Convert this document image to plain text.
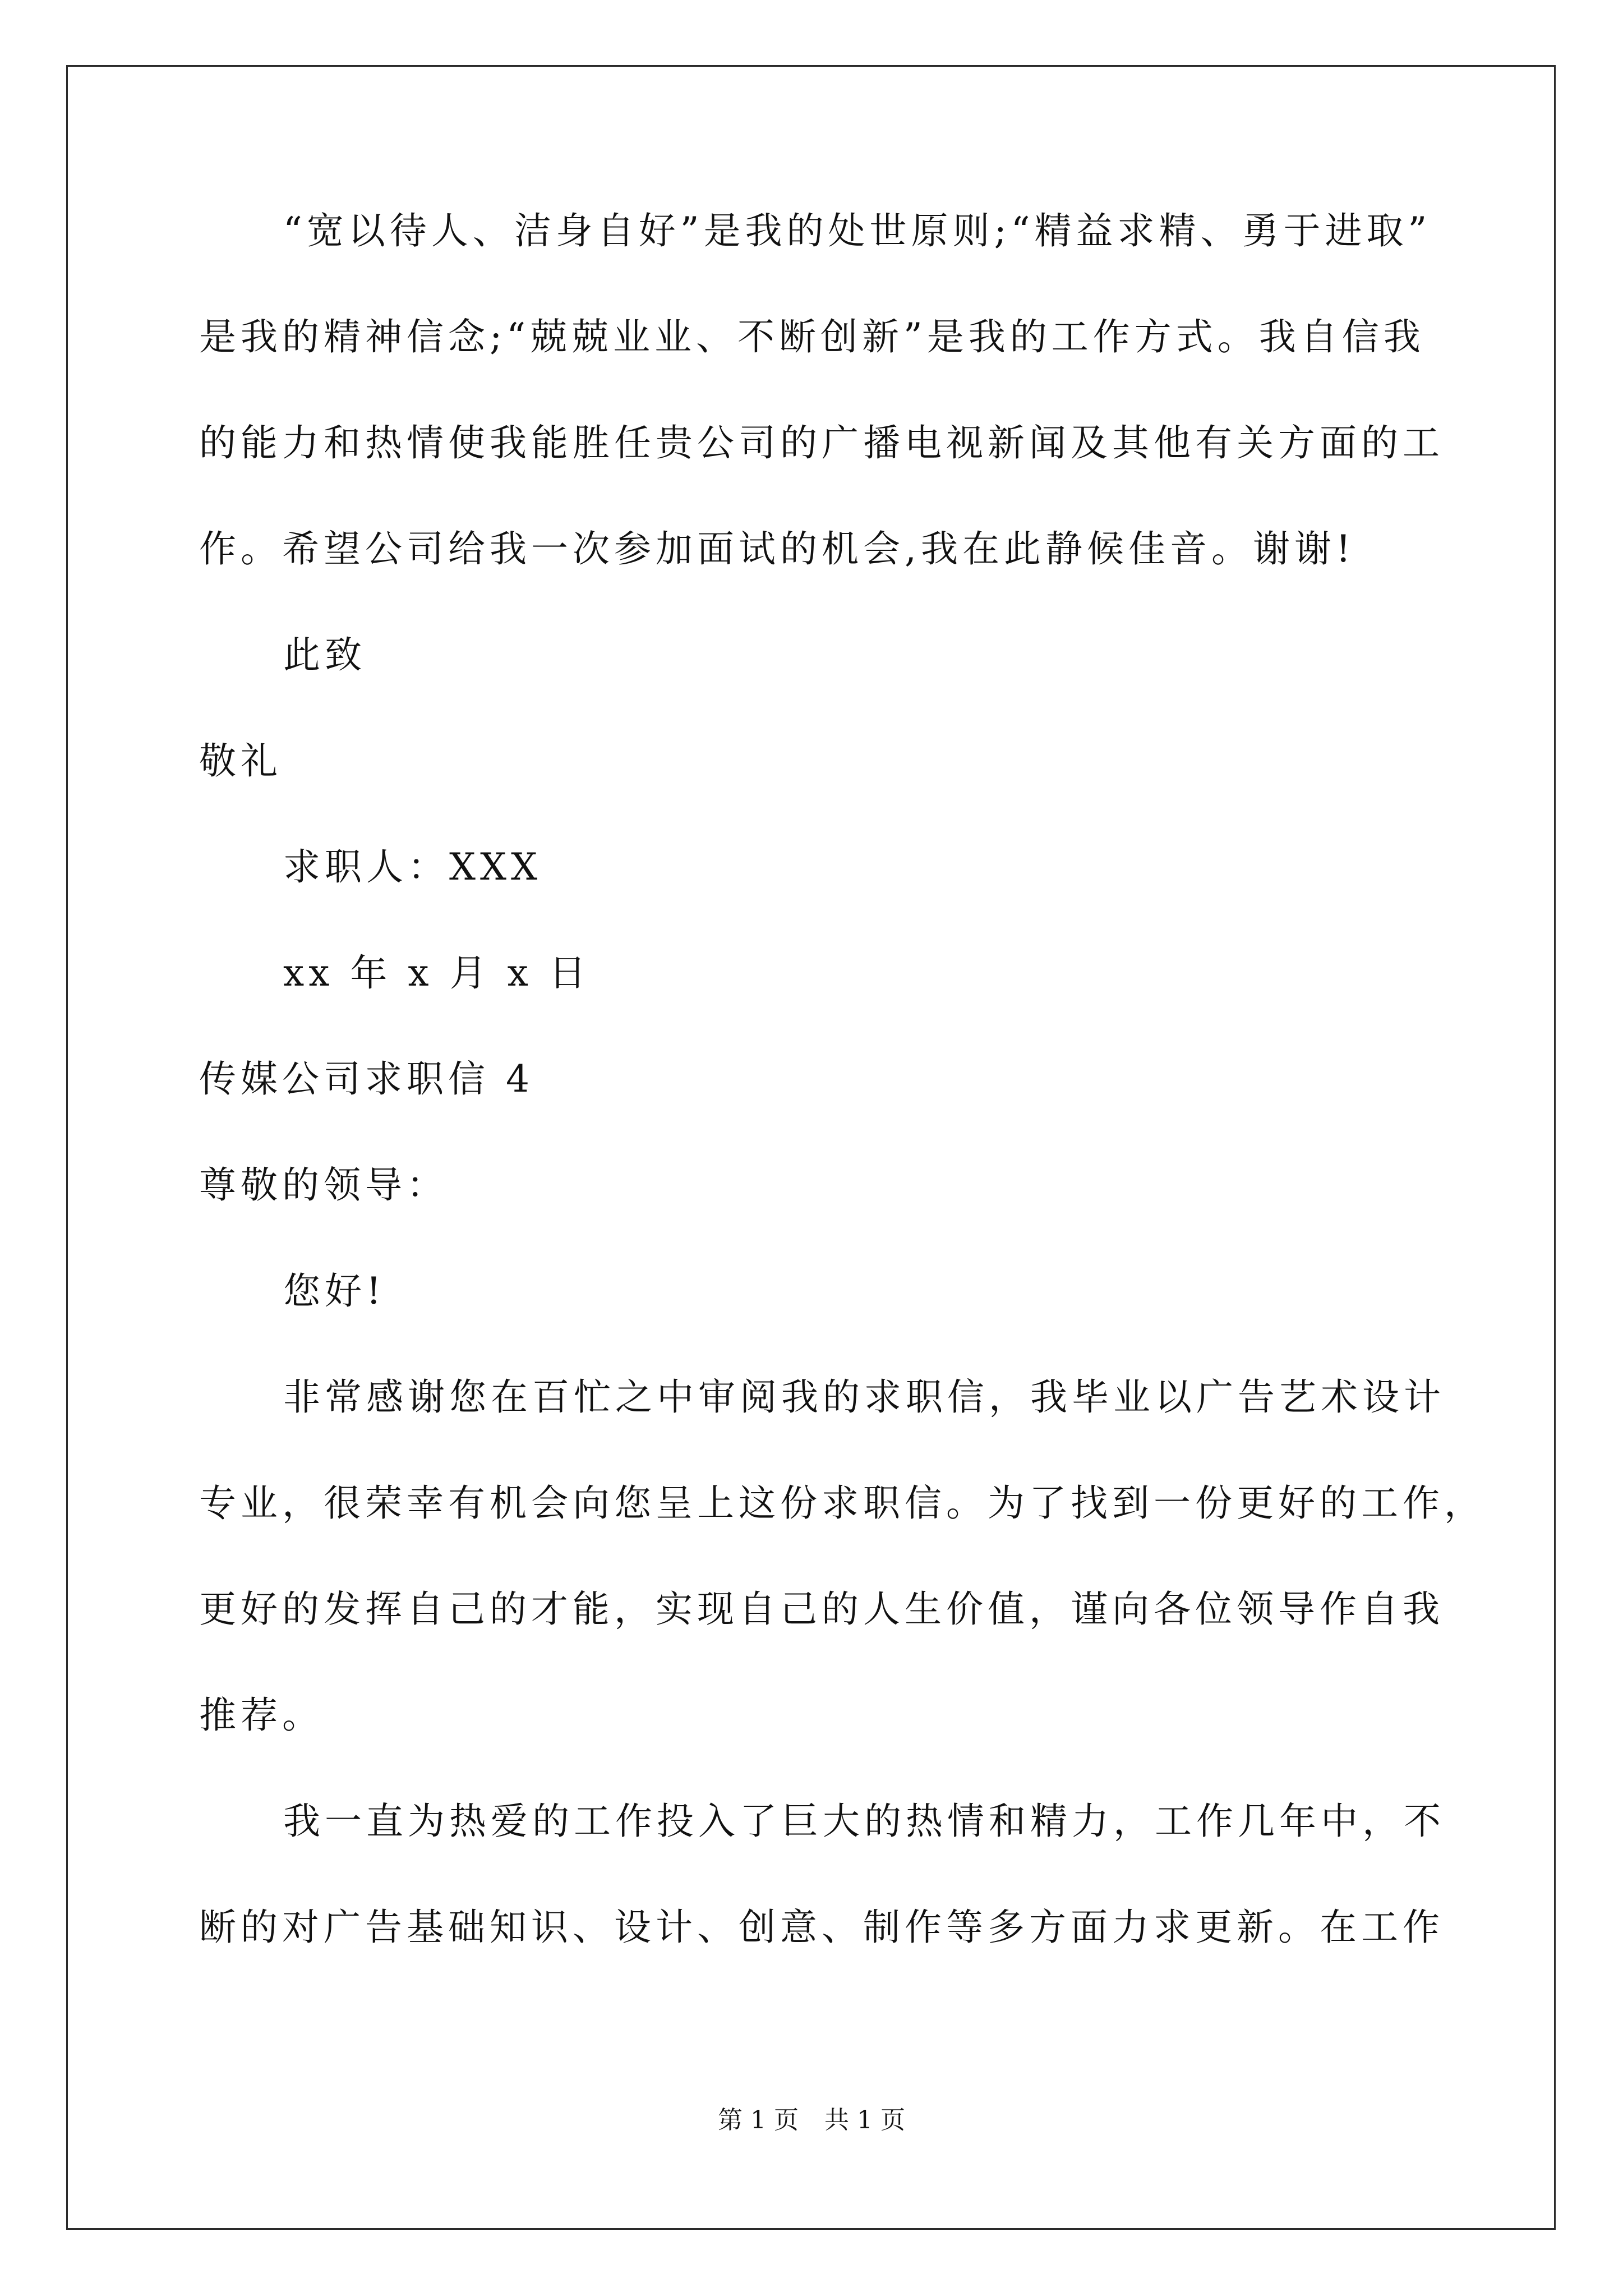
“宽以待人、洁身自好”是我的处世原则;“精益求精、勇于进取”
是我的精神信念;“兢兢业业、不断创新”是我的工作方式。我自信我
的能力和热情使我能胜任贵公司的广播电视新闻及其他有关方面的工
作。希望公司给我一次参加面试的机会,我在此静候佳音。谢谢!
此致
敬礼
求职人：XXX
xx 年 x 月 x 日
传媒公司求职信 4
尊敬的领导：
您好!
非常感谢您在百忙之中审阅我的求职信，我毕业以广告艺术设计
专业，很荣幸有机会向您呈上这份求职信。为了找到一份更好的工作，
更好的发挥自己的才能，实现自己的人生价值，谨向各位领导作自我
推荐。
我一直为热爱的工作投入了巨大的热情和精力，工作几年中，不
断的对广告基础知识、设计、创意、制作等多方面力求更新。在工作
第 1 页 共 1 页
